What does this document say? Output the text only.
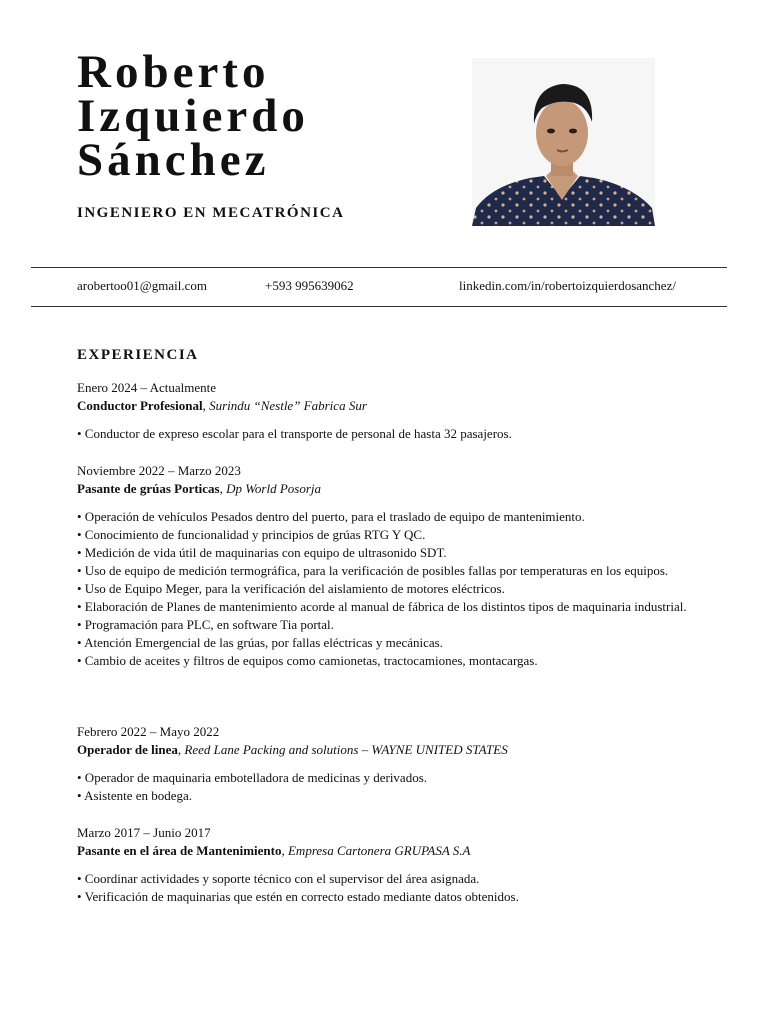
Roberto
Izquierdo
Sánchez
INGENIERO EN MECATRÓNICA
arobertoo01@gmail.com	+593 995639062	linkedin.com/in/robertoizquierdosanchez/
EXPERIENCIA

Enero 2024 – Actualmente

Conductor Profesional, Surindu “Nestle” Fabrica Sur

• Conductor de expreso escolar para el transporte de personal de hasta 32 pasajeros.

Noviembre 2022 – Marzo 2023

Pasante de grúas Porticas, Dp World Posorja

• Operación de vehículos Pesados dentro del puerto, para el traslado de equipo de mantenimiento.
• Conocimiento de funcionalidad y principios de grúas RTG Y QC.
• Medición de vida útil de maquinarias con equipo de ultrasonido SDT.
• Uso de equipo de medición termográfica, para la verificación de posibles fallas por temperaturas en los equipos.
• Uso de Equipo Meger, para la verificación del aislamiento de motores eléctricos.
• Elaboración de Planes de mantenimiento acorde al manual de fábrica de los distintos tipos de maquinaria industrial.
• Programación para PLC, en software Tia portal.
• Atención Emergencial de las grúas, por fallas eléctricas y mecánicas.
• Cambio de aceites y filtros de equipos como camionetas, tractocamiones, montacargas.

Febrero 2022 – Mayo 2022

Operador de linea, Reed Lane Packing and solutions – WAYNE UNITED STATES

• Operador de maquinaria embotelladora de medicinas y derivados.
• Asistente en bodega.

Marzo 2017 – Junio 2017

Pasante en el área de Mantenimiento, Empresa Cartonera GRUPASA S.A

• Coordinar actividades y soporte técnico con el supervisor del área asignada.
• Verificación de maquinarias que estén en correcto estado mediante datos obtenidos.
